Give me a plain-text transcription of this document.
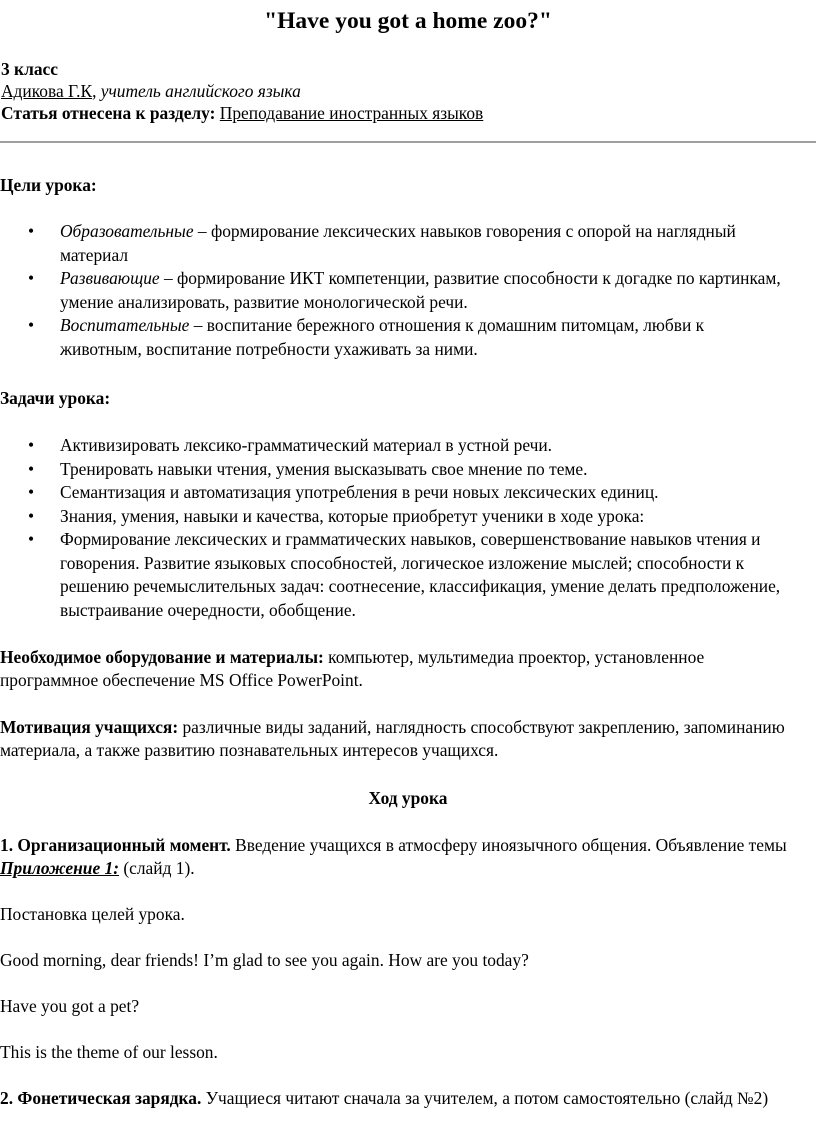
"Have you got a home zoo?"
3 класс
Адикова Г.К, учитель английского языка
Статья отнесена к разделу: Преподавание иностранных языков
Цели урока:
• Образовательные – формирование лексических навыков говорения с опорой на наглядный материал
• Развивающие – формирование ИКТ компетенции, развитие способности к догадке по картинкам, умение анализировать, развитие монологической речи.
• Воспитательные – воспитание бережного отношения к домашним питомцам, любви к животным, воспитание потребности ухаживать за ними.
Задачи урока:
• Активизировать лексико-грамматический материал в устной речи.
• Тренировать навыки чтения, умения высказывать свое мнение по теме.
• Семантизация и автоматизация употребления в речи новых лексических единиц.
• Знания, умения, навыки и качества, которые приобретут ученики в ходе урока:
• Формирование лексических и грамматических навыков, совершенствование навыков чтения и говорения. Развитие языковых способностей, логическое изложение мыслей; способности к решению речемыслительных задач: соотнесение, классификация, умение делать предположение, выстраивание очередности, обобщение.

Необходимое оборудование и материалы: компьютер, мультимедиа проектор, установленное программное обеспечение MS Office PowerPoint.

Мотивация учащихся: различные виды заданий, наглядность способствуют закреплению, запоминанию материала, а также развитию познавательных интересов учащихся.

Ход урока

1. Организационный момент. Введение учащихся в атмосферу иноязычного общения. Объявление темы Приложение 1: (слайд 1).

Постановка целей урока.

Good morning, dear friends! I’m glad to see you again. How are you today?

Have you got a pet?

This is the theme of our lesson.

2. Фонетическая зарядка. Учащиеся читают сначала за учителем, а потом самостоятельно (слайд №2)
